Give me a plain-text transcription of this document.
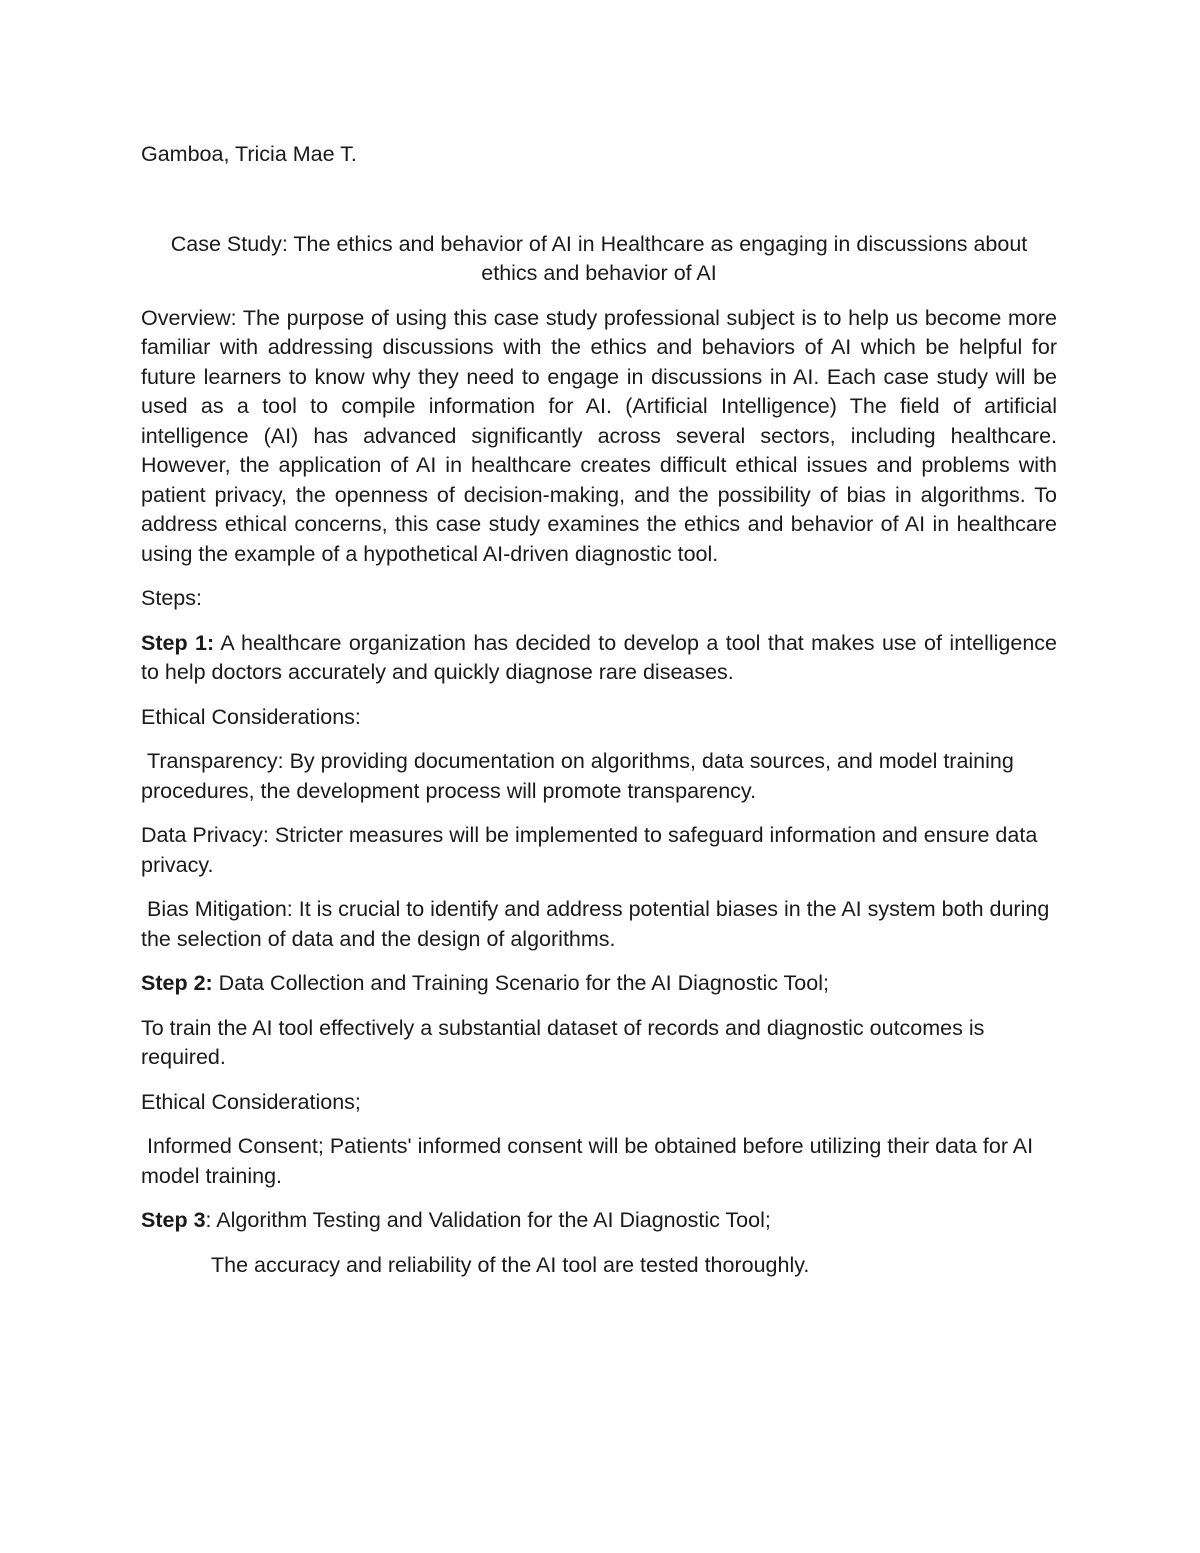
Gamboa, Tricia Mae T.

Case Study: The ethics and behavior of AI in Healthcare as engaging in discussions about ethics and behavior of AI

Overview: The purpose of using this case study professional subject is to help us become more familiar with addressing discussions with the ethics and behaviors of AI which be helpful for future learners to know why they need to engage in discussions in AI. Each case study will be used as a tool to compile information for AI. (Artificial Intelligence) The field of artificial intelligence (AI) has advanced significantly across several sectors, including healthcare. However, the application of AI in healthcare creates difficult ethical issues and problems with patient privacy, the openness of decision-making, and the possibility of bias in algorithms. To address ethical concerns, this case study examines the ethics and behavior of AI in healthcare using the example of a hypothetical AI-driven diagnostic tool.

Steps:

Step 1: A healthcare organization has decided to develop a tool that makes use of intelligence to help doctors accurately and quickly diagnose rare diseases.

Ethical Considerations:

Transparency: By providing documentation on algorithms, data sources, and model training procedures, the development process will promote transparency.

Data Privacy: Stricter measures will be implemented to safeguard information and ensure data privacy.

Bias Mitigation: It is crucial to identify and address potential biases in the AI system both during the selection of data and the design of algorithms.

Step 2: Data Collection and Training Scenario for the AI Diagnostic Tool;

To train the AI tool effectively a substantial dataset of records and diagnostic outcomes is required.

Ethical Considerations;

Informed Consent; Patients' informed consent will be obtained before utilizing their data for AI model training.

Step 3: Algorithm Testing and Validation for the AI Diagnostic Tool;

The accuracy and reliability of the AI tool are tested thoroughly.
